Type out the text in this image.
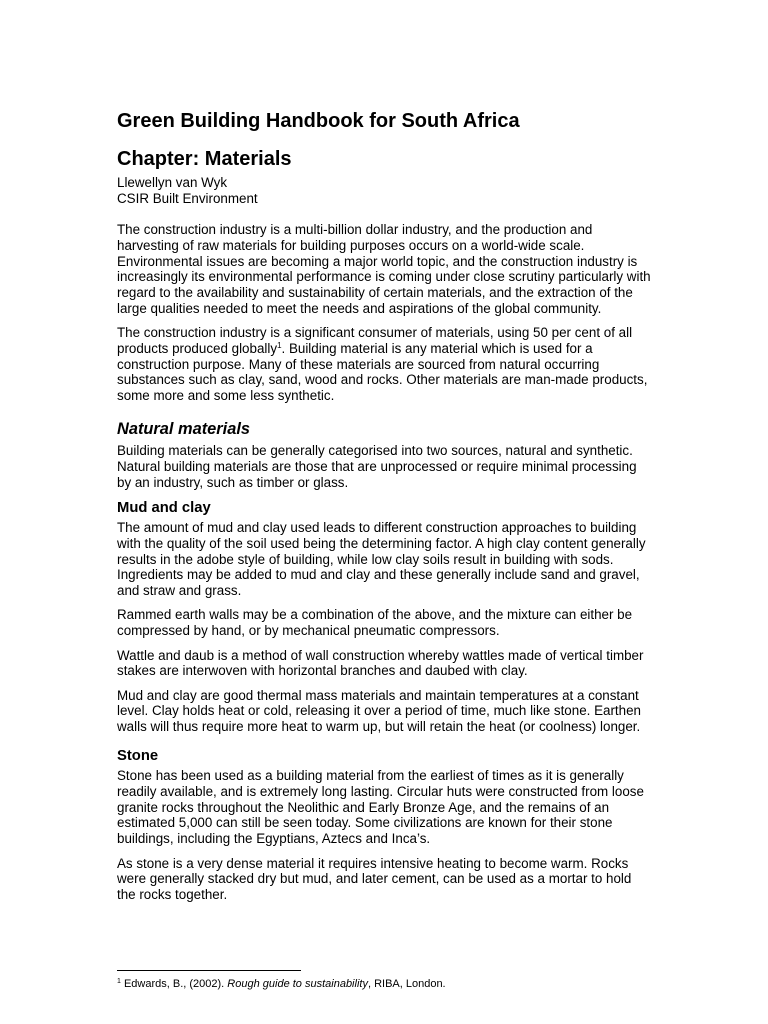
Green Building Handbook for South Africa
Chapter: Materials
Llewellyn van Wyk
CSIR Built Environment

The construction industry is a multi-billion dollar industry, and the production and harvesting of raw materials for building purposes occurs on a world-wide scale. Environmental issues are becoming a major world topic, and the construction industry is increasingly its environmental performance is coming under close scrutiny particularly with regard to the availability and sustainability of certain materials, and the extraction of the large qualities needed to meet the needs and aspirations of the global community.

The construction industry is a significant consumer of materials, using 50 per cent of all products produced globally$^1$. Building material is any material which is used for a construction purpose. Many of these materials are sourced from natural occurring substances such as clay, sand, wood and rocks. Other materials are man-made products, some more and some less synthetic.

Natural materials

Building materials can be generally categorised into two sources, natural and synthetic. Natural building materials are those that are unprocessed or require minimal processing by an industry, such as timber or glass.

Mud and clay

The amount of mud and clay used leads to different construction approaches to building with the quality of the soil used being the determining factor. A high clay content generally results in the adobe style of building, while low clay soils result in building with sods. Ingredients may be added to mud and clay and these generally include sand and gravel, and straw and grass.

Rammed earth walls may be a combination of the above, and the mixture can either be compressed by hand, or by mechanical pneumatic compressors.

Wattle and daub is a method of wall construction whereby wattles made of vertical timber stakes are interwoven with horizontal branches and daubed with clay.

Mud and clay are good thermal mass materials and maintain temperatures at a constant level. Clay holds heat or cold, releasing it over a period of time, much like stone. Earthen walls will thus require more heat to warm up, but will retain the heat (or coolness) longer.

Stone

Stone has been used as a building material from the earliest of times as it is generally readily available, and is extremely long lasting. Circular huts were constructed from loose granite rocks throughout the Neolithic and Early Bronze Age, and the remains of an estimated 5,000 can still be seen today. Some civilizations are known for their stone buildings, including the Egyptians, Aztecs and Inca’s.

As stone is a very dense material it requires intensive heating to become warm. Rocks were generally stacked dry but mud, and later cement, can be used as a mortar to hold the rocks together.

$^1$ Edwards, B., (2002). Rough guide to sustainability, RIBA, London.
